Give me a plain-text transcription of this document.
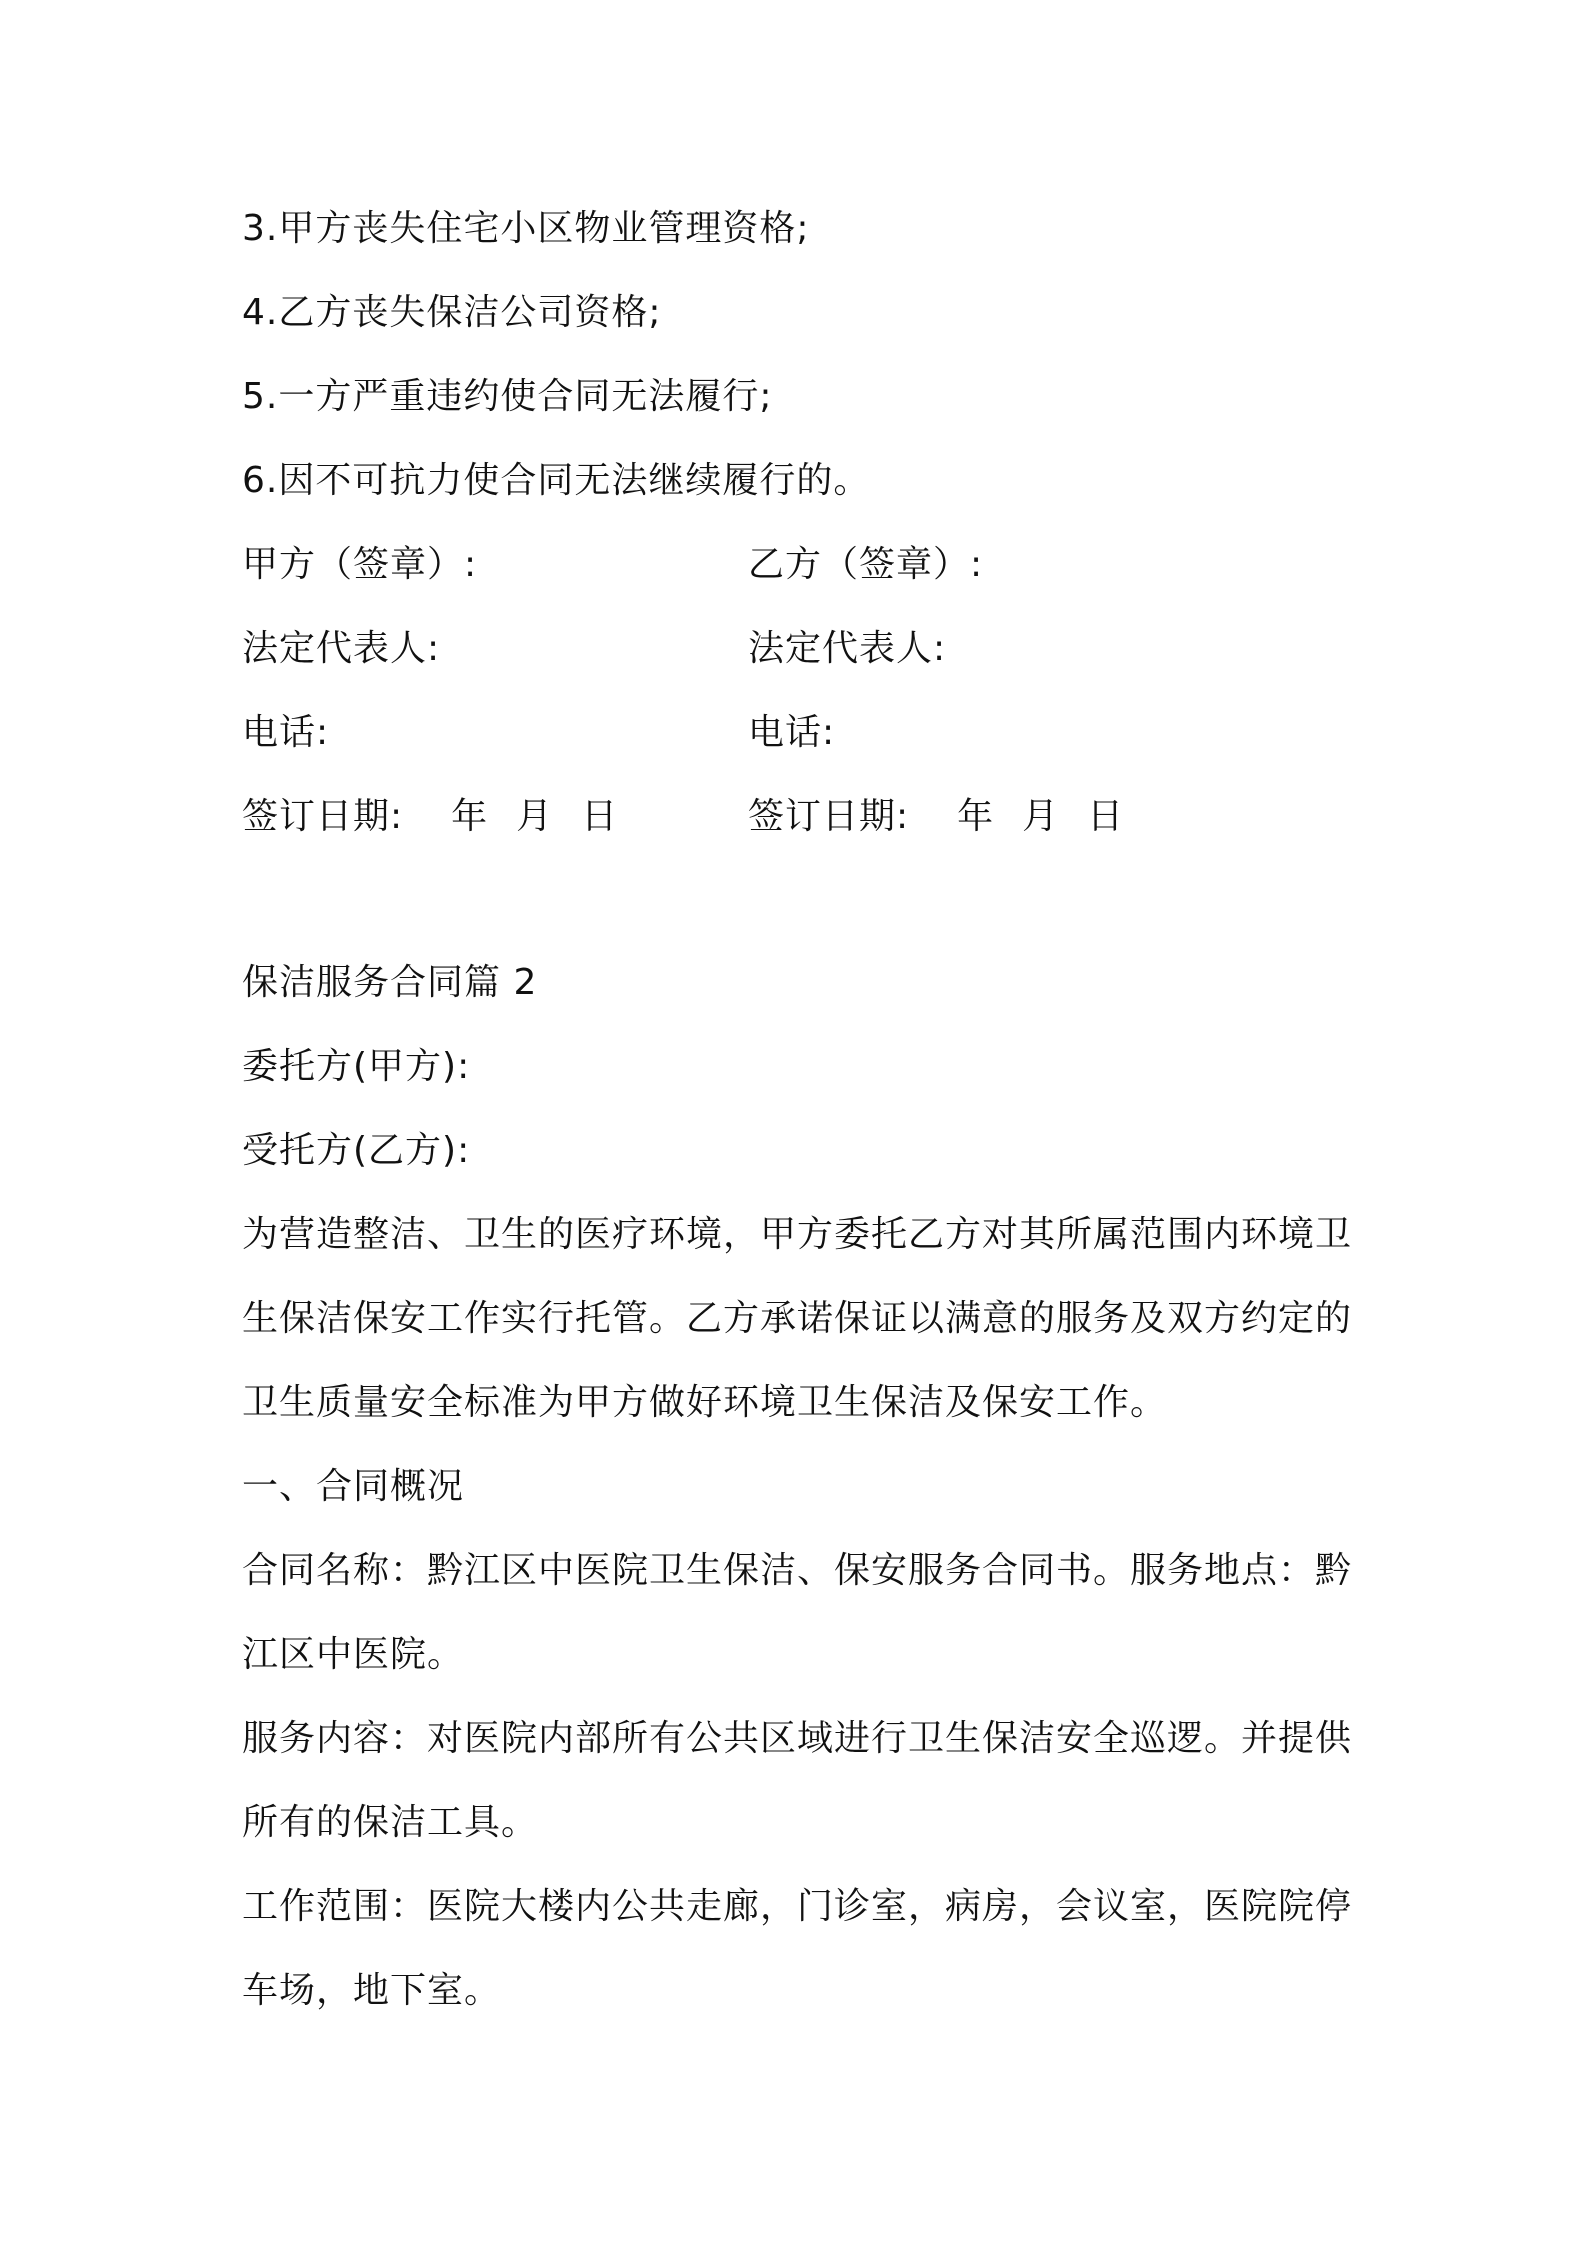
3.甲方丧失住宅小区物业管理资格;
4.乙方丧失保洁公司资格;
5.一方严重违约使合同无法履行;
6.因不可抗力使合同无法继续履行的。
甲方（签章）:	乙方（签章）:
法定代表人:	法定代表人:
电话:	电话:
签订日期: 年 月 日	签订日期: 年 月 日
保洁服务合同篇 2
委托方(甲方):
受托方(乙方):
为营造整洁、卫生的医疗环境，甲方委托乙方对其所属范围内环境卫
生保洁保安工作实行托管。乙方承诺保证以满意的服务及双方约定的
卫生质量安全标准为甲方做好环境卫生保洁及保安工作。
一、合同概况
合同名称：黔江区中医院卫生保洁、保安服务合同书。服务地点：黔
江区中医院。
服务内容：对医院内部所有公共区域进行卫生保洁安全巡逻。并提供
所有的保洁工具。
工作范围：医院大楼内公共走廊，门诊室，病房，会议室，医院院停
车场，地下室。
